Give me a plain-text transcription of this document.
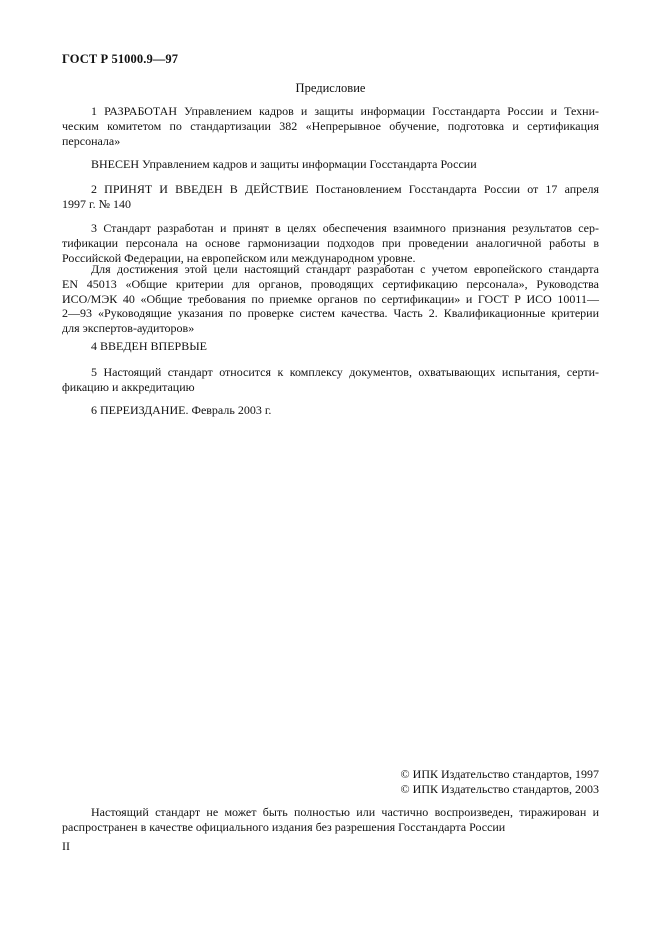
ГОСТ Р 51000.9—97
Предисловие
1 РАЗРАБОТАН Управлением кадров и защиты информации Госстандарта России и Техни-
ческим комитетом по стандартизации 382 «Непрерывное обучение, подготовка и сертификация
персонала»
ВНЕСЕН Управлением кадров и защиты информации Госстандарта России
2 ПРИНЯТ И ВВЕДЕН В ДЕЙСТВИЕ Постановлением Госстандарта России от 17 апреля
1997 г. № 140
3 Стандарт разработан и принят в целях обеспечения взаимного признания результатов сер-
тификации персонала на основе гармонизации подходов при проведении аналогичной работы в
Российской Федерации, на европейском или международном уровне.
Для достижения этой цели настоящий стандарт разработан с учетом европейского стандарта
EN 45013 «Общие критерии для органов, проводящих сертификацию персонала», Руководства
ИСО/МЭК 40 «Общие требования по приемке органов по сертификации» и ГОСТ Р ИСО 10011—
2—93 «Руководящие указания по проверке систем качества. Часть 2. Квалификационные критерии
для экспертов-аудиторов»
4 ВВЕДЕН ВПЕРВЫЕ
5 Настоящий стандарт относится к комплексу документов, охватывающих испытания, серти-
фикацию и аккредитацию
6 ПЕРЕИЗДАНИЕ. Февраль 2003 г.
© ИПК Издательство стандартов, 1997
© ИПК Издательство стандартов, 2003
Настоящий стандарт не может быть полностью или частично воспроизведен, тиражирован и
распространен в качестве официального издания без разрешения Госстандарта России
II
